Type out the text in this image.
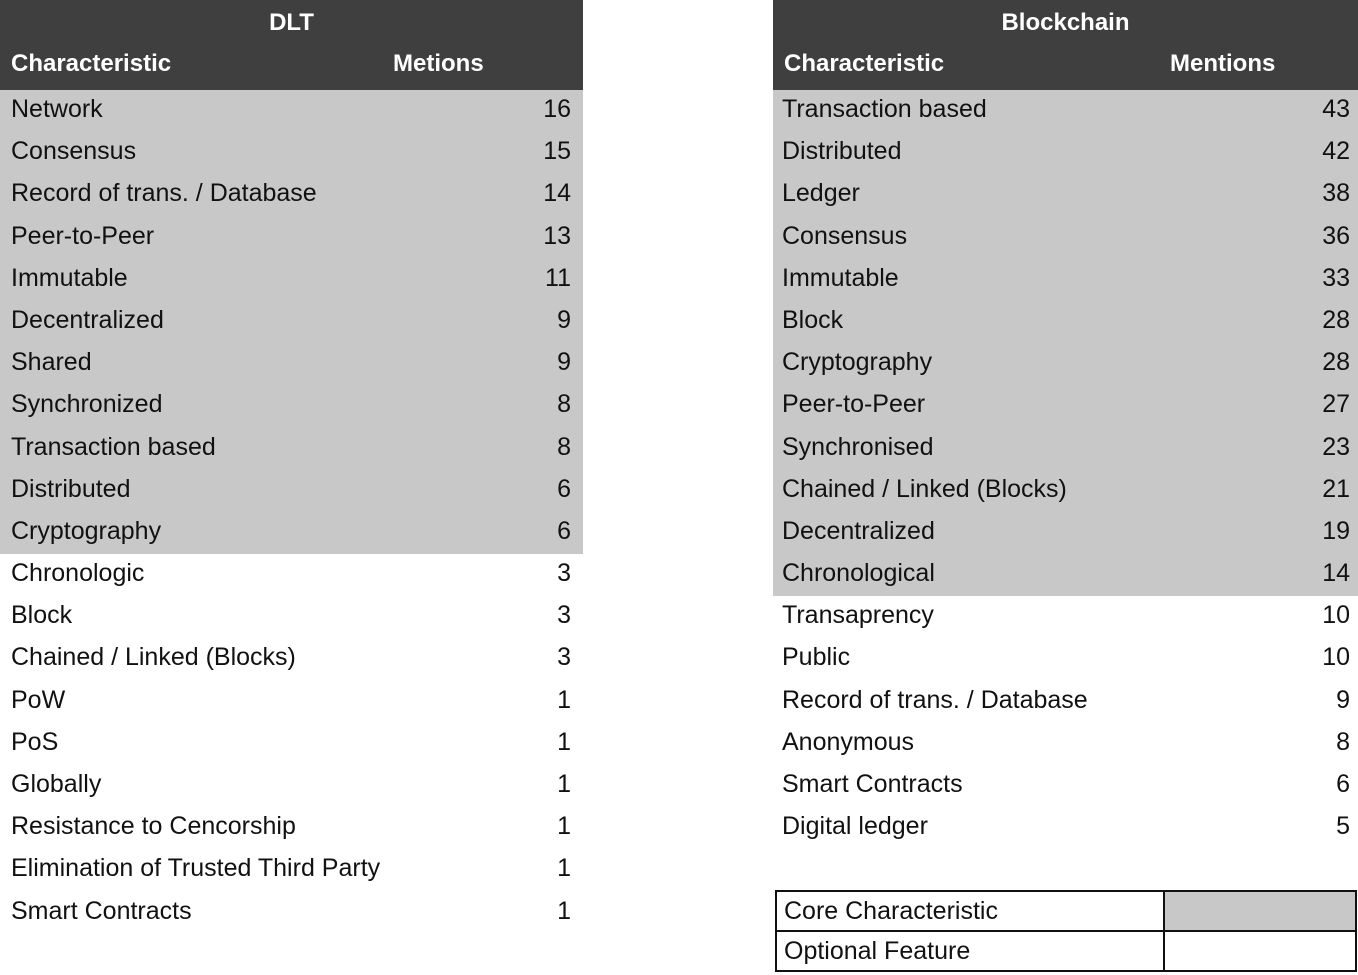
DLT
Characteristic	Metions
Network	16
Consensus	15
Record of trans. / Database	14
Peer-to-Peer	13
Immutable	11
Decentralized	9
Shared	9
Synchronized	8
Transaction based	8
Distributed	6
Cryptography	6
Chronologic	3
Block	3
Chained / Linked (Blocks)	3
PoW	1
PoS	1
Globally	1
Resistance to Cencorship	1
Elimination of Trusted Third Party	1
Smart Contracts	1
Blockchain
Characteristic	Mentions
Transaction based	43
Distributed	42
Ledger	38
Consensus	36
Immutable	33
Block	28
Cryptography	28
Peer-to-Peer	27
Synchronised	23
Chained / Linked (Blocks)	21
Decentralized	19
Chronological	14
Transaprency	10
Public	10
Record of trans. / Database	9
Anonymous	8
Smart Contracts	6
Digital ledger	5
Core Characteristic	
Optional Feature	
